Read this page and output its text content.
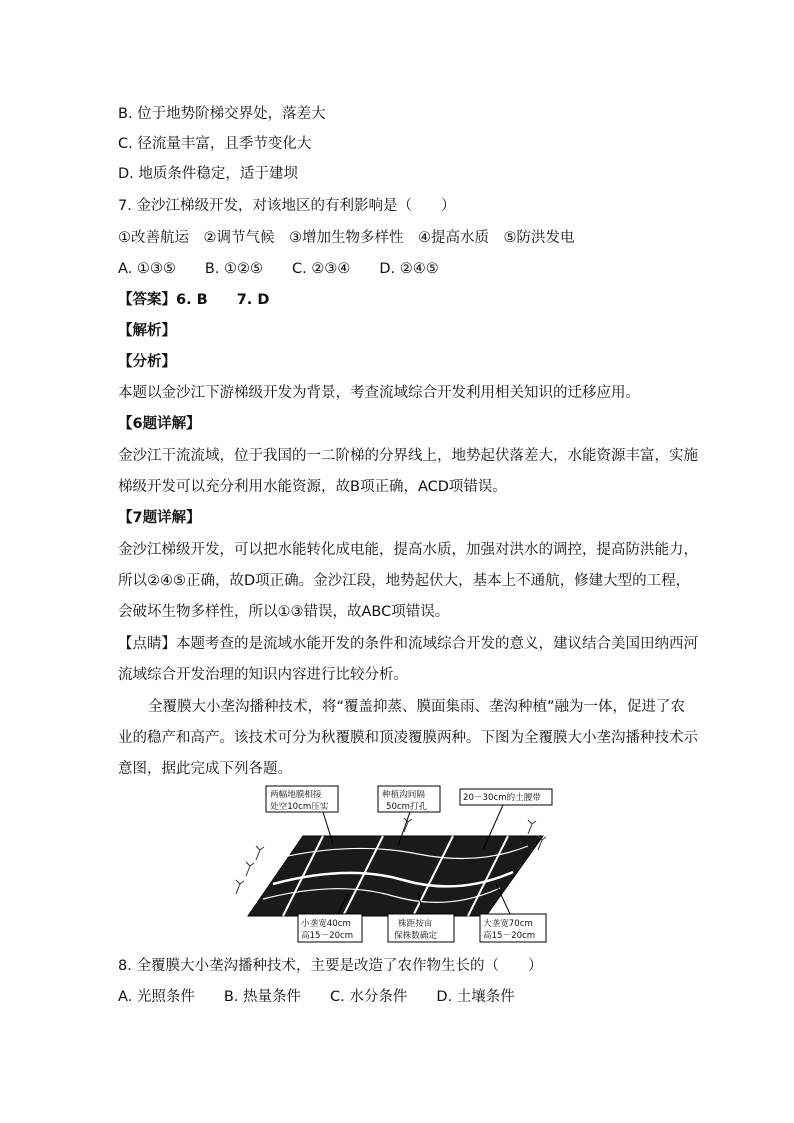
B. 位于地势阶梯交界处，落差大
C. 径流量丰富，且季节变化大
D. 地质条件稳定，适于建坝
7. 金沙江梯级开发，对该地区的有利影响是（　　）
①改善航运　②调节气候　③增加生物多样性　④提高水质　⑤防洪发电
A. ①③⑤　　B. ①②⑤　　C. ②③④　　D. ②④⑤
【答案】6. B　　7. D
【解析】
【分析】
本题以金沙江下游梯级开发为背景，考查流域综合开发利用相关知识的迁移应用。
【6题详解】
金沙江干流流域，位于我国的一二阶梯的分界线上，地势起伏落差大，水能资源丰富，实施
梯级开发可以充分利用水能资源，故B项正确，ACD项错误。
【7题详解】
金沙江梯级开发，可以把水能转化成电能，提高水质，加强对洪水的调控，提高防洪能力，
所以②④⑤正确，故D项正确。金沙江段，地势起伏大，基本上不通航，修建大型的工程，
会破坏生物多样性，所以①③错误，故ABC项错误。
【点睛】本题考查的是流域水能开发的条件和流域综合开发的意义，建议结合美国田纳西河
流域综合开发治理的知识内容进行比较分析。
全覆膜大小垄沟播种技术，将“覆盖抑蒸、膜面集雨、垄沟种植”融为一体，促进了农
业的稳产和高产。该技术可分为秋覆膜和顶凌覆膜两种。下图为全覆膜大小垄沟播种技术示
意图，据此完成下列各题。
两幅地膜相接
处空10cm压实
种植沟间隔
50cm打孔
20－30cm的土腰带
小垄宽40cm
高15－20cm
株距按亩
保株数确定
大垄宽70cm
高15－20cm
8. 全覆膜大小垄沟播种技术，主要是改造了农作物生长的（　　）
A. 光照条件　　B. 热量条件　　C. 水分条件　　D. 土壤条件
